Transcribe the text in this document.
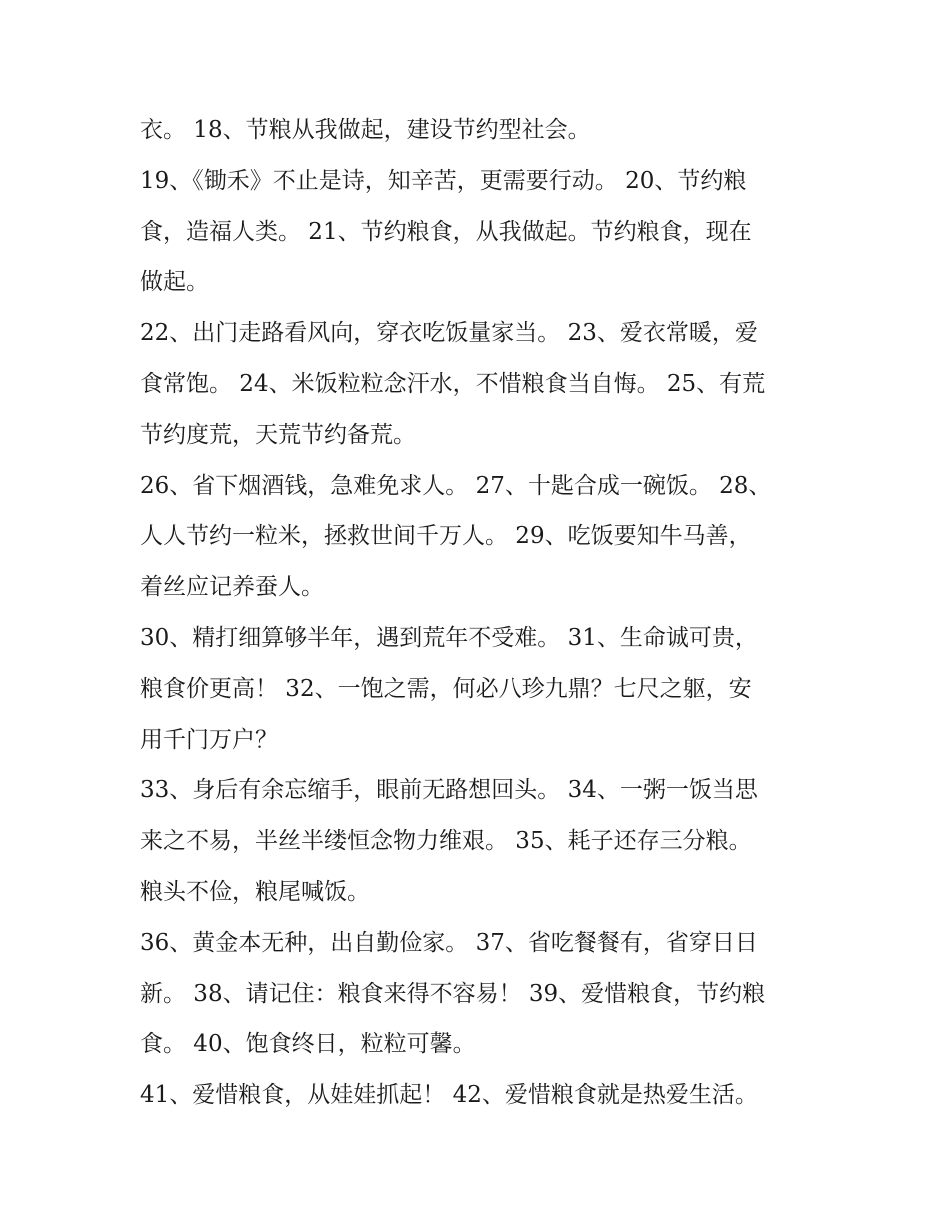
衣。 18、节粮从我做起，建设节约型社会。
19、《锄禾》不止是诗，知辛苦，更需要行动。 20、节约粮
食，造福人类。 21、节约粮食，从我做起。节约粮食，现在
做起。
22、出门走路看风向，穿衣吃饭量家当。 23、爱衣常暖，爱
食常饱。 24、米饭粒粒念汗水，不惜粮食当自悔。 25、有荒
节约度荒，天荒节约备荒。
26、省下烟酒钱，急难免求人。 27、十匙合成一碗饭。 28、
人人节约一粒米，拯救世间千万人。 29、吃饭要知牛马善，
着丝应记养蚕人。
30、精打细算够半年，遇到荒年不受难。 31、生命诚可贵，
粮食价更高！ 32、一饱之需，何必八珍九鼎？七尺之躯，安
用千门万户？
33、身后有余忘缩手，眼前无路想回头。 34、一粥一饭当思
来之不易，半丝半缕恒念物力维艰。 35、耗子还存三分粮。
粮头不俭，粮尾喊饭。
36、黄金本无种，出自勤俭家。 37、省吃餐餐有，省穿日日
新。 38、请记住：粮食来得不容易！ 39、爱惜粮食，节约粮
食。 40、饱食终日，粒粒可馨。
41、爱惜粮食，从娃娃抓起！ 42、爱惜粮食就是热爱生活。
